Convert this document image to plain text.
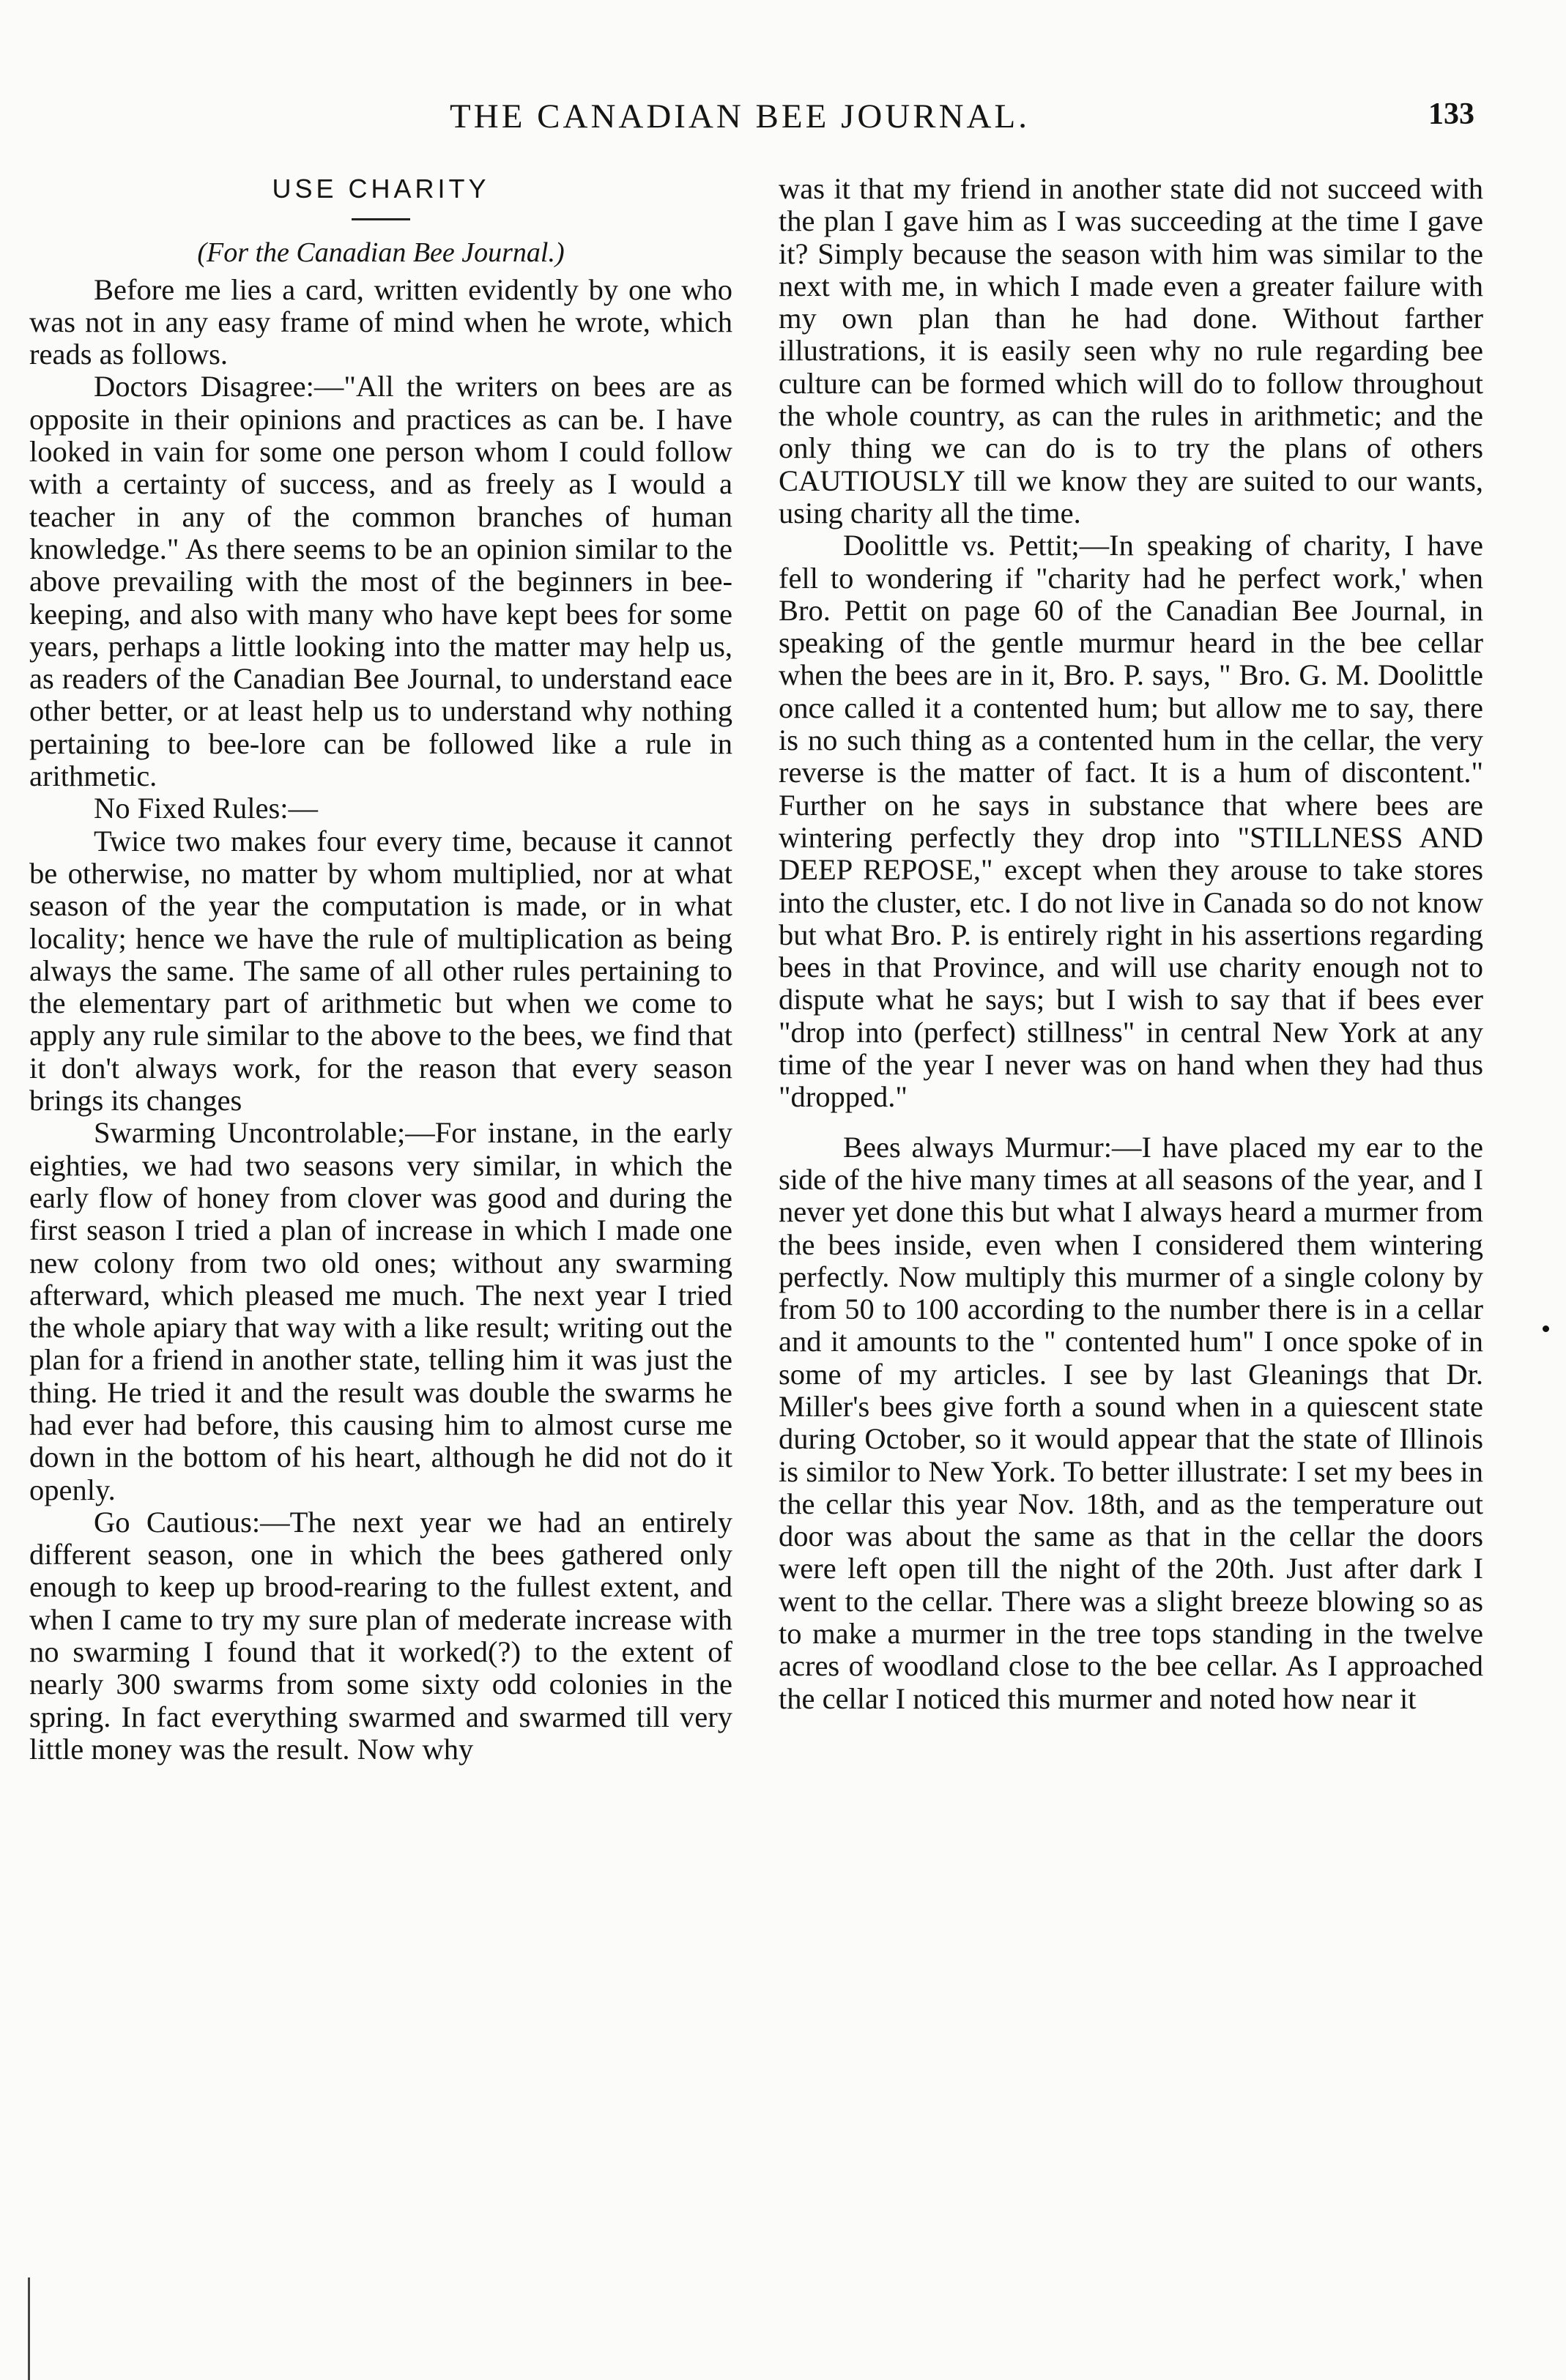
THE CANADIAN BEE JOURNAL.	133

USE CHARITY

(For the Canadian Bee Journal.)

Before me lies a card, written evidently by one who was not in any easy frame of mind when he wrote, which reads as follows.

Doctors Disagree:—"All the writers on bees are as opposite in their opinions and practices as can be. I have looked in vain for some one person whom I could follow with a certainty of success, and as freely as I would a teacher in any of the common branches of human knowledge." As there seems to be an opinion similar to the above prevailing with the most of the beginners in bee-keeping, and also with many who have kept bees for some years, perhaps a little looking into the matter may help us, as readers of the Canadian Bee Journal, to understand eace other better, or at least help us to understand why nothing pertaining to bee-lore can be followed like a rule in arithmetic.

No Fixed Rules:—

Twice two makes four every time, because it cannot be otherwise, no matter by whom multiplied, nor at what season of the year the computation is made, or in what locality; hence we have the rule of multiplication as being always the same. The same of all other rules pertaining to the elementary part of arithmetic but when we come to apply any rule similar to the above to the bees, we find that it don't always work, for the reason that every season brings its changes

Swarming Uncontrolable;—For instane, in the early eighties, we had two seasons very similar, in which the early flow of honey from clover was good and during the first season I tried a plan of increase in which I made one new colony from two old ones; without any swarming afterward, which pleased me much. The next year I tried the whole apiary that way with a like result; writing out the plan for a friend in another state, telling him it was just the thing. He tried it and the result was double the swarms he had ever had before, this causing him to almost curse me down in the bottom of his heart, although he did not do it openly.

Go Cautious:—The next year we had an entirely different season, one in which the bees gathered only enough to keep up brood-rearing to the fullest extent, and when I came to try my sure plan of mederate increase with no swarming I found that it worked(?) to the extent of nearly 300 swarms from some sixty odd colonies in the spring. In fact everything swarmed and swarmed till very little money was the result. Now why

was it that my friend in another state did not succeed with the plan I gave him as I was succeeding at the time I gave it? Simply because the season with him was similar to the next with me, in which I made even a greater failure with my own plan than he had done. Without farther illustrations, it is easily seen why no rule regarding bee culture can be formed which will do to follow throughout the whole country, as can the rules in arithmetic; and the only thing we can do is to try the plans of others CAUTIOUSLY till we know they are suited to our wants, using charity all the time.

Doolittle vs. Pettit;—In speaking of charity, I have fell to wondering if "charity had he perfect work,' when Bro. Pettit on page 60 of the Canadian Bee Journal, in speaking of the gentle murmur heard in the bee cellar when the bees are in it, Bro. P. says, " Bro. G. M. Doolittle once called it a contented hum; but allow me to say, there is no such thing as a contented hum in the cellar, the very reverse is the matter of fact. It is a hum of discontent." Further on he says in substance that where bees are wintering perfectly they drop into "STILLNESS AND DEEP REPOSE," except when they arouse to take stores into the cluster, etc. I do not live in Canada so do not know but what Bro. P. is entirely right in his assertions regarding bees in that Province, and will use charity enough not to dispute what he says; but I wish to say that if bees ever "drop into (perfect) stillness" in central New York at any time of the year I never was on hand when they had thus "dropped."

Bees always Murmur:—I have placed my ear to the side of the hive many times at all seasons of the year, and I never yet done this but what I always heard a murmer from the bees inside, even when I considered them wintering perfectly. Now multiply this murmer of a single colony by from 50 to 100 according to the number there is in a cellar and it amounts to the " contented hum" I once spoke of in some of my articles. I see by last Gleanings that Dr. Miller's bees give forth a sound when in a quiescent state during October, so it would appear that the state of Illinois is similor to New York. To better illustrate: I set my bees in the cellar this year Nov. 18th, and as the temperature out door was about the same as that in the cellar the doors were left open till the night of the 20th. Just after dark I went to the cellar. There was a slight breeze blowing so as to make a murmer in the tree tops standing in the twelve acres of woodland close to the bee cellar. As I approached the cellar I noticed this murmer and noted how near it
